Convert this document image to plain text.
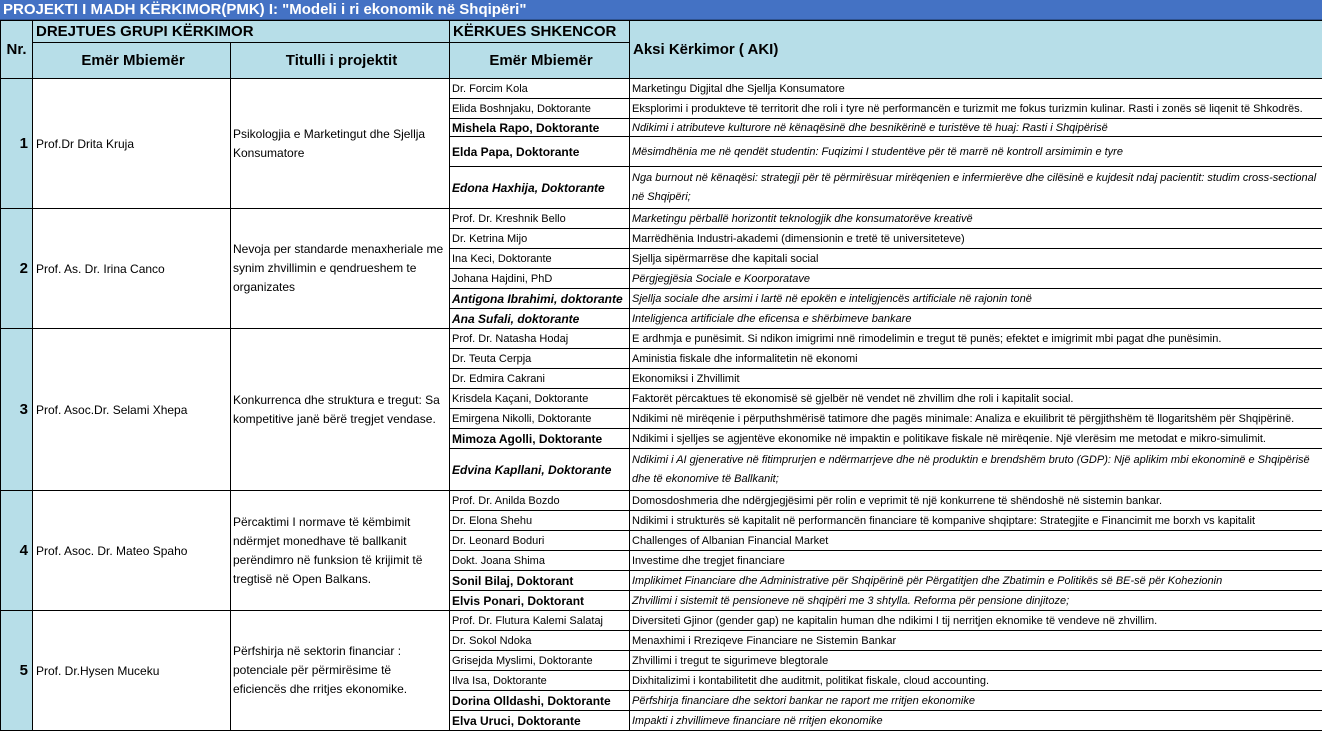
PROJEKTI I MADH KËRKIMOR(PMK) I: "Modeli i ri ekonomik në Shqipëri"
Nr.	DREJTUES GRUPI KËRKIMOR		KËRKUES SHKENCOR	Aksi Kërkimor ( AKI)
	Emër Mbiemër	Titulli i projektit	Emër Mbiemër	
1	Prof.Dr Drita Kruja	Psikologjia e Marketingut dhe Sjellja Konsumatore	Dr. Forcim Kola	Marketingu Digjital dhe Sjellja Konsumatore
			Elida Boshnjaku, Doktorante	Eksplorimi i produkteve të territorit dhe roli i tyre në performancën e turizmit me fokus turizmin kulinar. Rasti i zonës së liqenit të Shkodrës.
			Mishela Rapo, Doktorante	Ndikimi i atributeve kulturore në kënaqësinë dhe besnikërinë e turistëve të huaj: Rasti i Shqipërisë
			Elda Papa, Doktorante	Mësimdhënia me në qendët studentin: Fuqizimi I studentëve për të marrë në kontroll arsimimin e tyre
			Edona Haxhija, Doktorante	Nga burnout në kënaqësi: strategji për të përmirësuar mirëqenien e infermierëve dhe cilësinë e kujdesit ndaj pacientit: studim cross-sectional në Shqipëri;
2	Prof. As. Dr. Irina Canco	Nevoja per standarde menaxheriale me synim zhvillimin e qendrueshem te organizates	Prof. Dr. Kreshnik Bello	Marketingu përballë horizontit teknologjik dhe konsumatorëve kreativë
			Dr. Ketrina Mijo	Marrëdhënia Industri-akademi (dimensionin e tretë të universiteteve)
			Ina Keci, Doktorante	Sjellja sipërmarrëse dhe kapitali social
			Johana Hajdini, PhD	Përgjegjësia Sociale e Koorporatave
			Antigona Ibrahimi, doktorante	Sjellja sociale dhe arsimi i lartë në epokën e inteligjencës artificiale në rajonin tonë
			Ana Sufali, doktorante	Inteligjenca artificiale dhe eficensa e shërbimeve bankare
3	Prof. Asoc.Dr. Selami Xhepa	Konkurrenca dhe struktura e tregut: Sa kompetitive janë bërë tregjet vendase.	Prof. Dr. Natasha Hodaj	E ardhmja e punësimit. Si ndikon imigrimi nnë rimodelimin e tregut të punës; efektet e imigrimit mbi pagat dhe punësimin.
			Dr. Teuta Cerpja	Aministia fiskale dhe informalitetin në ekonomi
			Dr. Edmira Cakrani	Ekonomiksi i Zhvillimit
			Krisdela Kaçani, Doktorante	Faktorët përcaktues të ekonomisë së gjelbër në vendet në zhvillim dhe roli i kapitalit social.
			Emirgena Nikolli, Doktorante	Ndikimi në mirëqenie i përputhshmërisë tatimore dhe pagës minimale: Analiza e ekuilibrit të përgjithshëm të llogaritshëm për Shqipërinë.
			Mimoza Agolli, Doktorante	Ndikimi i sjelljes se agjentëve ekonomike në impaktin e politikave fiskale në mirëqenie. Një vlerësim me metodat e mikro-simulimit.
			Edvina Kapllani, Doktorante	Ndikimi i AI gjenerative në fitimprurjen e ndërmarrjeve dhe në produktin e brendshëm bruto (GDP): Një aplikim mbi ekonominë e Shqipërisë dhe të ekonomive të Ballkanit;
4	Prof. Asoc. Dr. Mateo Spaho	Përcaktimi I normave të këmbimit ndërmjet monedhave të ballkanit perëndimro në funksion të krijimit të tregtisë në Open Balkans.	Prof. Dr. Anilda Bozdo	Domosdoshmeria dhe ndërgjegjësimi për rolin e veprimit të një konkurrene të shëndoshë në sistemin bankar.
			Dr. Elona Shehu	Ndikimi i strukturës së kapitalit në performancën financiare të kompanive shqiptare: Strategjite e Financimit me borxh vs kapitalit
			Dr. Leonard Boduri	Challenges of Albanian Financial Market
			Dokt. Joana Shima	Investime dhe tregjet financiare
			Sonil Bilaj, Doktorant	Implikimet Financiare dhe Administrative për Shqipërinë për Përgatitjen dhe Zbatimin e Politikës së BE-së për Kohezionin
			Elvis Ponari, Doktorant	Zhvillimi i sistemit të pensioneve në shqipëri me 3 shtylla. Reforma për pensione dinjitoze;
5	Prof. Dr.Hysen Muceku	Përfshirja në sektorin financiar : potenciale për përmirësime të eficiencës dhe rritjes ekonomike.	Prof. Dr. Flutura Kalemi Salataj	Diversiteti Gjinor (gender gap) ne kapitalin human dhe ndikimi I tij nerritjen eknomike të vendeve në zhvillim.
			Dr. Sokol Ndoka	Menaxhimi i Rreziqeve Financiare ne Sistemin Bankar
			Grisejda Myslimi, Doktorante	Zhvillimi i tregut te sigurimeve blegtorale
			Ilva Isa, Doktorante	Dixhitalizimi i kontabilitetit dhe auditmit, politikat fiskale, cloud accounting.
			Dorina Olldashi, Doktorante	Përfshirja financiare dhe sektori bankar ne raport me rritjen ekonomike
			Elva Uruci, Doktorante	Impakti i zhvillimeve financiare në rritjen ekonomike
